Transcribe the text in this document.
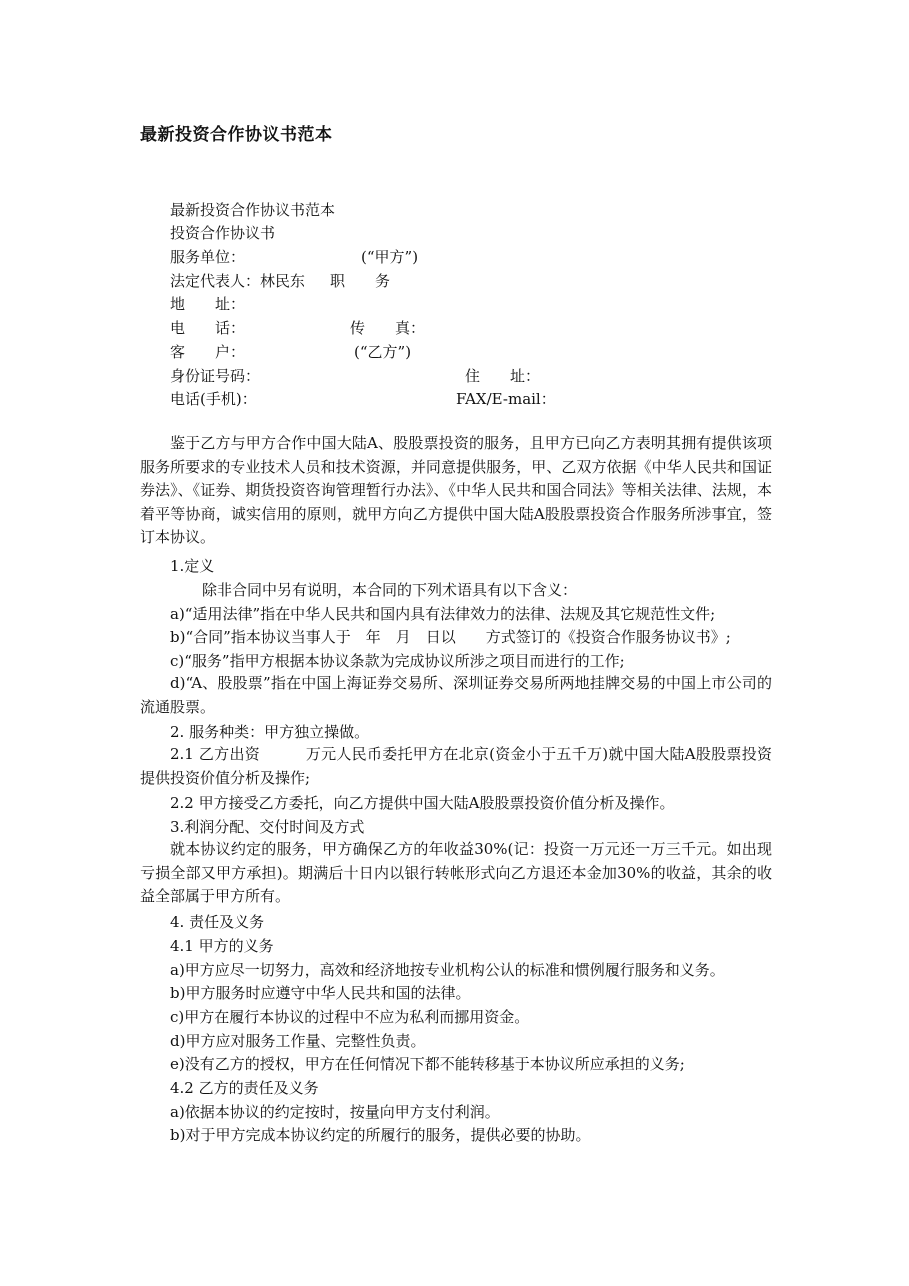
最新投资合作协议书范本
最新投资合作协议书范本
投资合作协议书
服务单位：	(“甲方”)
法定代表人：林民东 职　　务
地　　址：
电　　话：	传　　真：
客　　户：	(“乙方”)
身份证号码：	住　　址：
电话(手机)：	FAX/E-mail：
鉴于乙方与甲方合作中国大陆A、股股票投资的服务，且甲方已向乙方表明其拥有提供该项服务所要求的专业技术人员和技术资源，并同意提供服务，甲、乙双方依据《中华人民共和国证券法》、《证券、期货投资咨询管理暂行办法》、《中华人民共和国合同法》等相关法律、法规，本着平等协商，诚实信用的原则，就甲方向乙方提供中国大陆A股股票投资合作服务所涉事宜，签订本协议。
1.定义
除非合同中另有说明，本合同的下列术语具有以下含义：
a)“适用法律”指在中华人民共和国内具有法律效力的法律、法规及其它规范性文件;
b)“合同”指本协议当事人于　年　月　日以　　方式签订的《投资合作服务协议书》;
c)“服务”指甲方根据本协议条款为完成协议所涉之项目而进行的工作;
d)“A、股股票”指在中国上海证券交易所、深圳证券交易所两地挂牌交易的中国上市公司的流通股票。
2. 服务种类：甲方独立操做。
2.1 乙方出资　　　万元人民币委托甲方在北京(资金小于五千万)就中国大陆A股股票投资提供投资价值分析及操作;
2.2 甲方接受乙方委托，向乙方提供中国大陆A股股票投资价值分析及操作。
3.利润分配、交付时间及方式
就本协议约定的服务，甲方确保乙方的年收益30%(记：投资一万元还一万三千元。如出现亏损全部又甲方承担)。期满后十日内以银行转帐形式向乙方退还本金加30%的收益，其余的收益全部属于甲方所有。
4. 责任及义务
4.1 甲方的义务
a)甲方应尽一切努力，高效和经济地按专业机构公认的标准和惯例履行服务和义务。
b)甲方服务时应遵守中华人民共和国的法律。
c)甲方在履行本协议的过程中不应为私利而挪用资金。
d)甲方应对服务工作量、完整性负责。
e)没有乙方的授权，甲方在任何情况下都不能转移基于本协议所应承担的义务;
4.2 乙方的责任及义务
a)依据本协议的约定按时，按量向甲方支付利润。
b)对于甲方完成本协议约定的所履行的服务，提供必要的协助。
